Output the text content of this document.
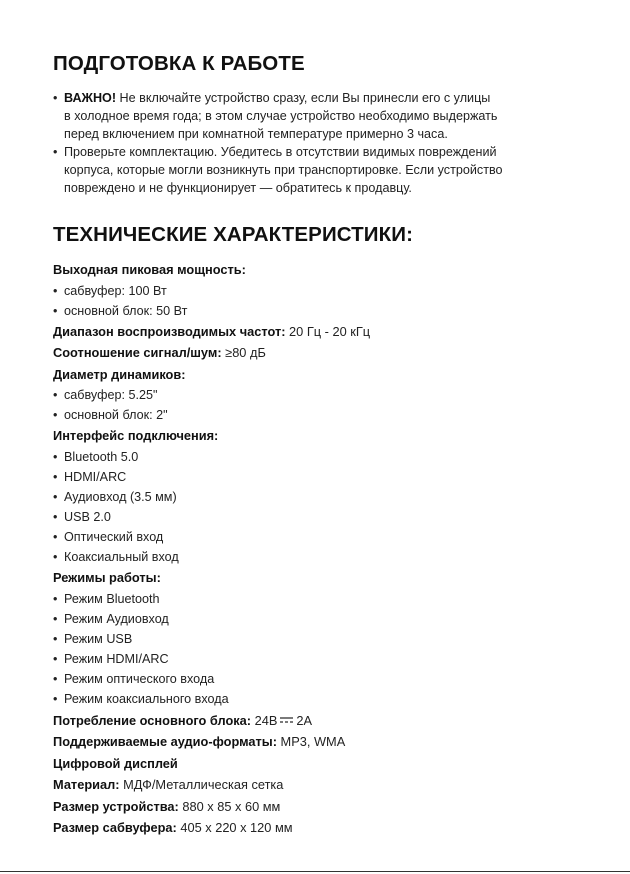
ПОДГОТОВКА К РАБОТЕ
• ВАЖНО! Не включайте устройство сразу, если Вы принесли его с улицы
в холодное время года; в этом случае устройство необходимо выдержать
перед включением при комнатной температуре примерно 3 часа.
• Проверьте комплектацию. Убедитесь в отсутствии видимых повреждений
корпуса, которые могли возникнуть при транспортировке. Если устройство
повреждено и не функционирует — обратитесь к продавцу.
ТЕХНИЧЕСКИЕ ХАРАКТЕРИСТИКИ:
Выходная пиковая мощность:
• сабвуфер: 100 Вт
• основной блок: 50 Вт
Диапазон воспроизводимых частот: 20 Гц - 20 кГц
Соотношение сигнал/шум: ≥80 дБ
Диаметр динамиков:
• сабвуфер: 5.25"
• основной блок: 2"
Интерфейс подключения:
• Bluetooth 5.0
• HDMI/ARC
• Аудиовход (3.5 мм)
• USB 2.0
• Оптический вход
• Коаксиальный вход
Режимы работы:
• Режим Bluetooth
• Режим Аудиовход
• Режим USB
• Режим HDMI/ARC
• Режим оптического входа
• Режим коаксиального входа
Потребление основного блока: 24В 2А
Поддерживаемые аудио-форматы: MP3, WMA
Цифровой дисплей
Материал: МДФ/Металлическая сетка
Размер устройства: 880 х 85 х 60 мм
Размер сабвуфера: 405 х 220 х 120 мм
